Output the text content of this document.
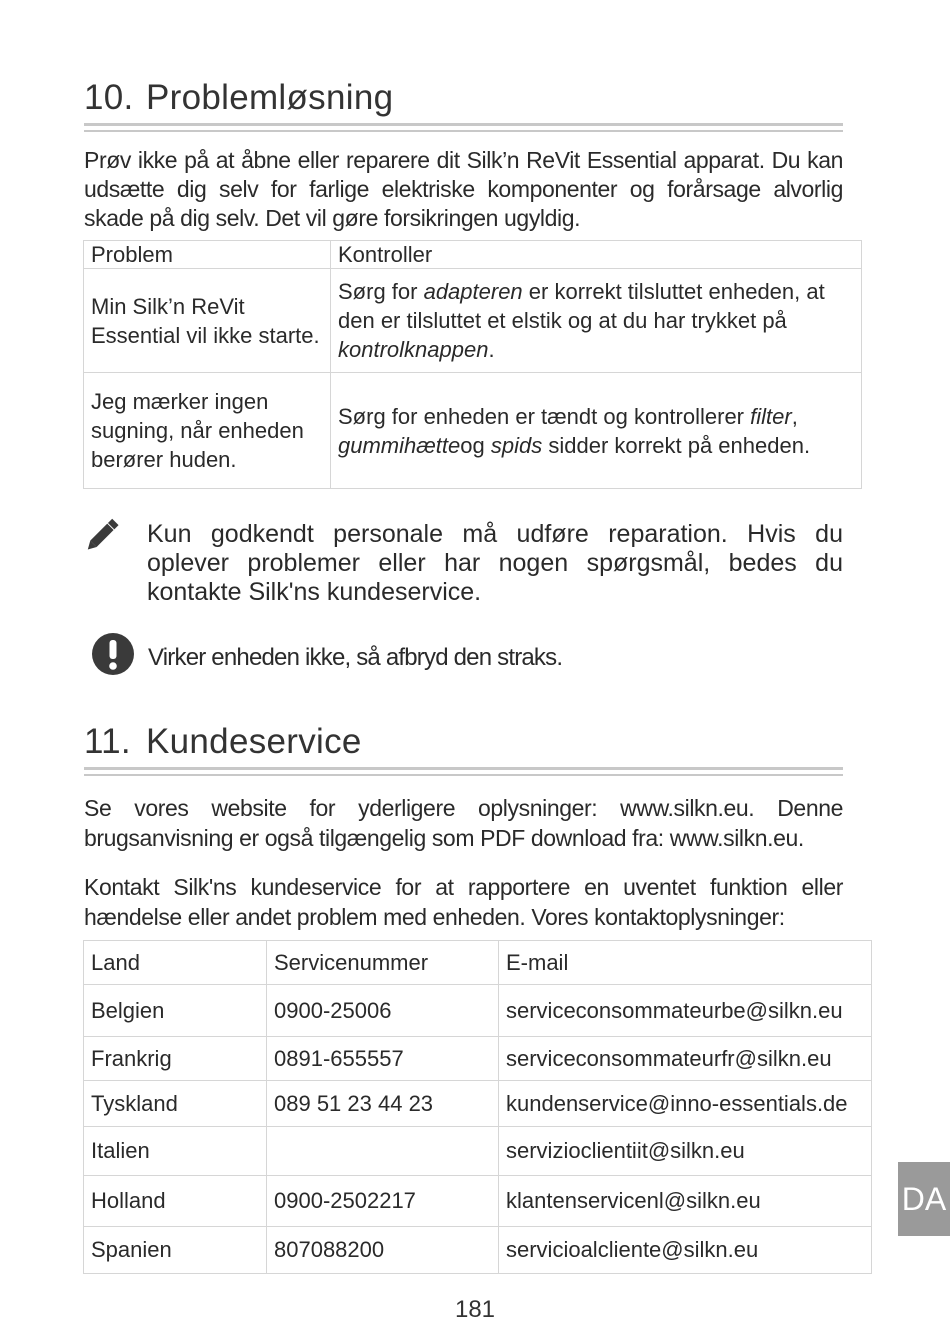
10. Problemløsning

Prøv ikke på at åbne eller reparere dit Silk’n ReVit Essential apparat. Du kan udsætte dig selv for farlige elektriske komponenter og forårsage alvorlig skade på dig selv. Det vil gøre forsikringen ugyldig.

Problem	Kontroller
Min Silk’n ReVit Essential vil ikke starte.	Sørg for adapteren er korrekt tilsluttet enheden, at den er tilsluttet et elstik og at du har trykket på kontrolknappen.
Jeg mærker ingen sugning, når enheden berører huden.	Sørg for enheden er tændt og kontrollerer filter, gummihætteog spids sidder korrekt på enheden.

Kun godkendt personale må udføre reparation. Hvis du oplever problemer eller har nogen spørgsmål, bedes du kontakte Silk'ns kundeservice.

Virker enheden ikke, så afbryd den straks.

11. Kundeservice

Se vores website for yderligere oplysninger: www.silkn.eu. Denne brugsanvisning er også tilgængelig som PDF download fra: www.silkn.eu.

Kontakt Silk'ns kundeservice for at rapportere en uventet funktion eller hændelse eller andet problem med enheden. Vores kontaktoplysninger:

Land	Servicenummer	E-mail
Belgien	0900-25006	serviceconsommateurbe@silkn.eu
Frankrig	0891-655557	serviceconsommateurfr@silkn.eu
Tyskland	089 51 23 44 23	kundenservice@inno-essentials.de
Italien		servizioclientiit@silkn.eu
Holland	0900-2502217	klantenservicenl@silkn.eu
Spanien	807088200	servicioalcliente@silkn.eu
DA
181
